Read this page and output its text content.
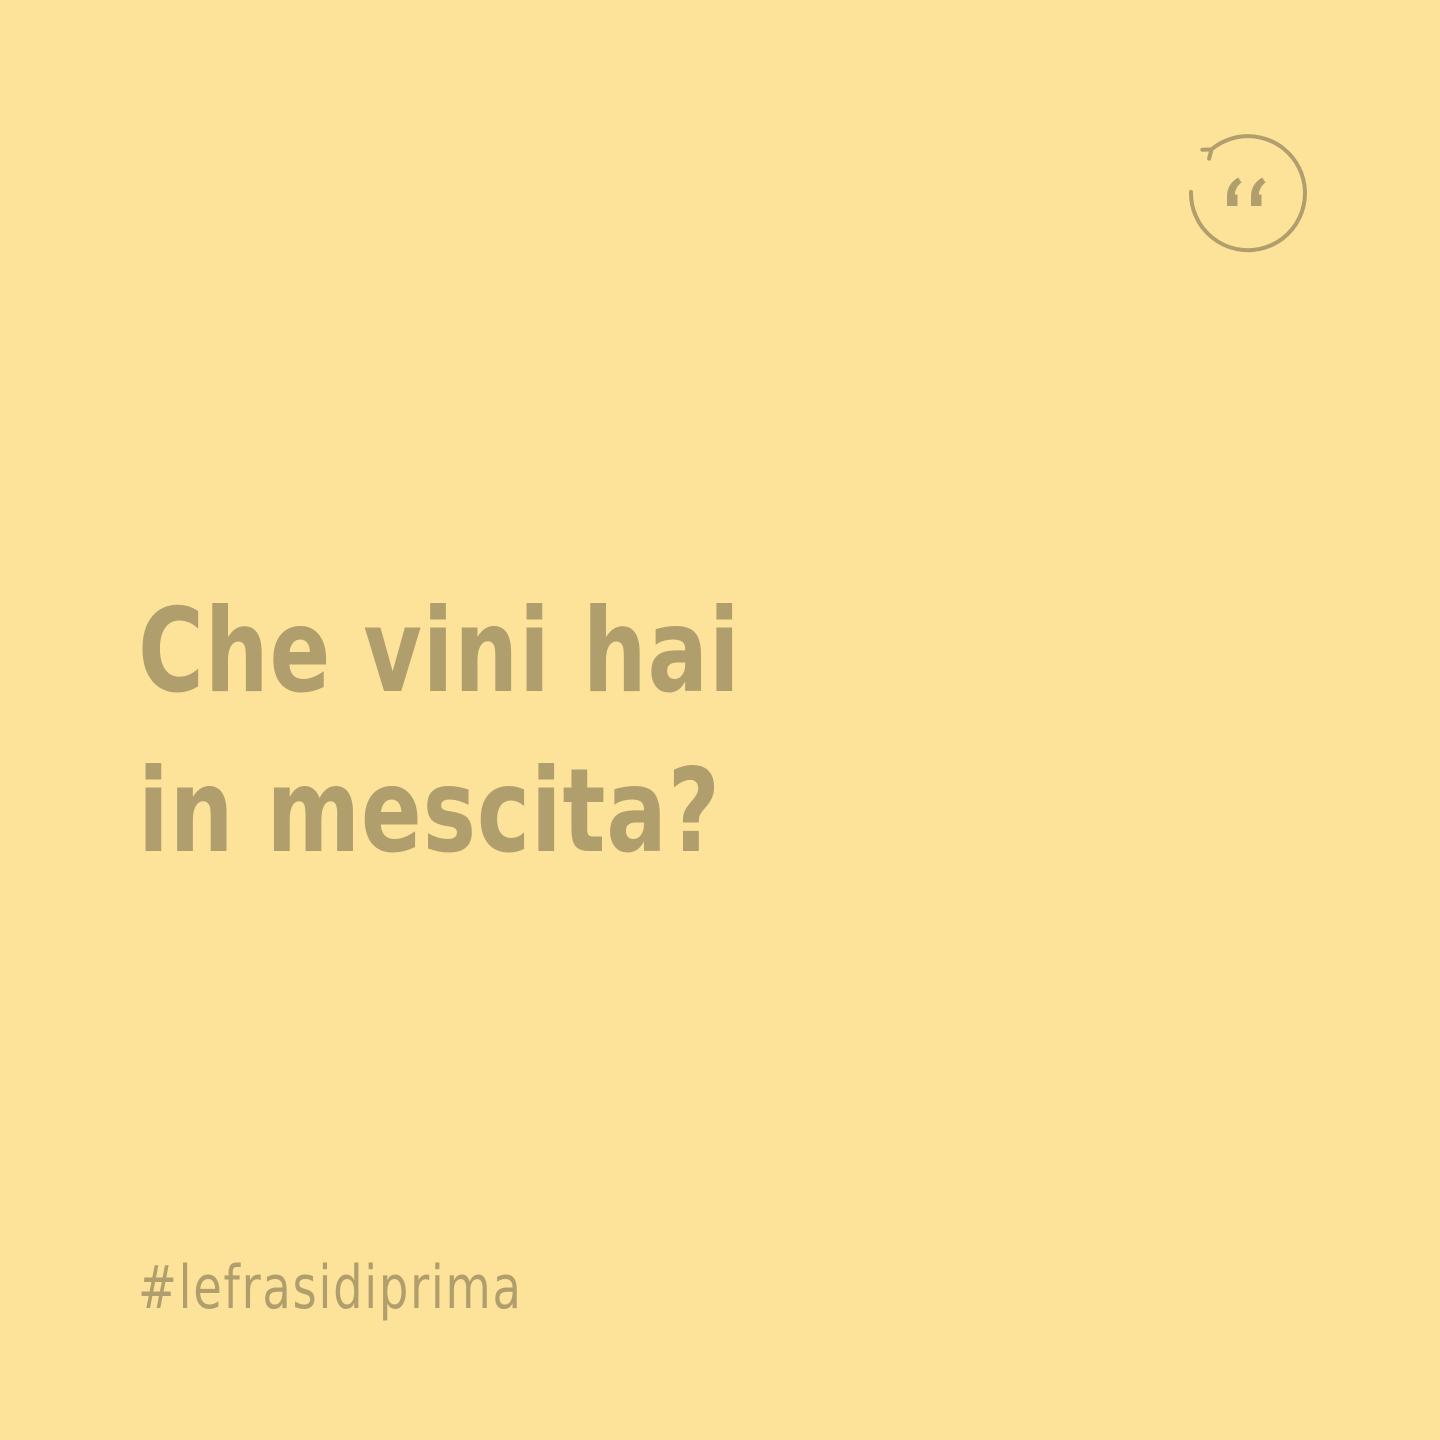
Che vini hai
in mescita?

#lefrasidiprima
